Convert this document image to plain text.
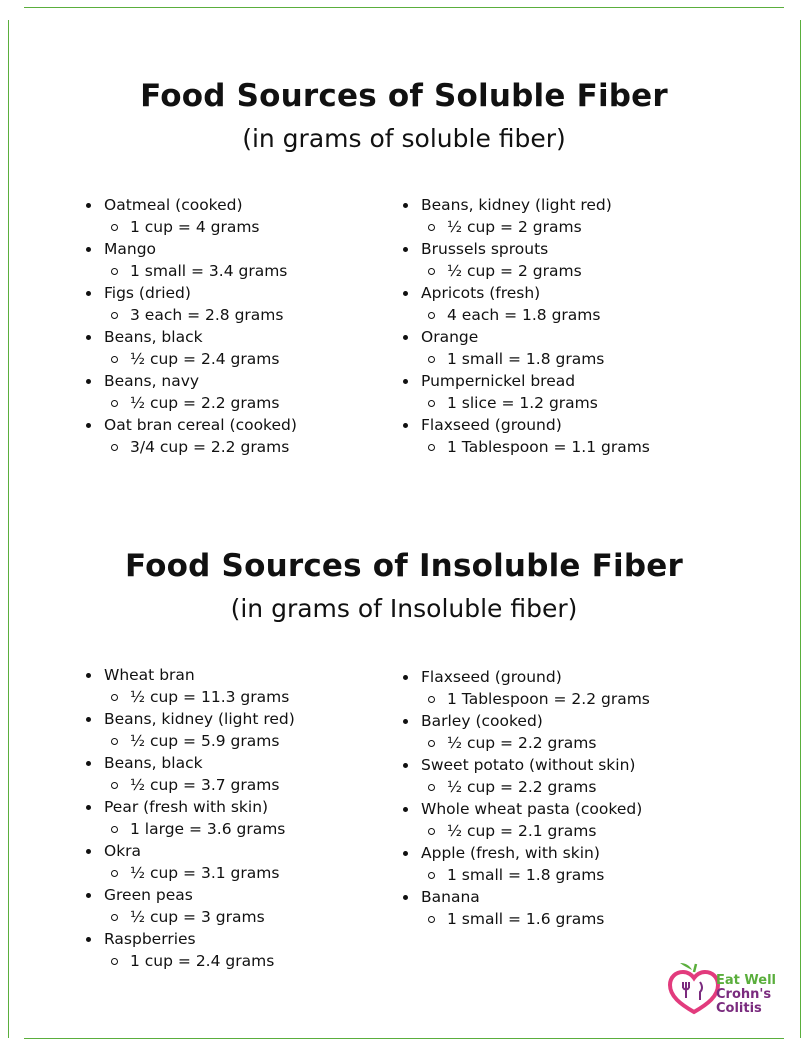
Food Sources of Soluble Fiber
(in grams of soluble fiber)
Oatmeal (cooked)
1 cup = 4 grams
Mango
1 small = 3.4 grams
Figs (dried)
3 each = 2.8 grams
Beans, black
½ cup = 2.4 grams
Beans, navy
½ cup = 2.2 grams
Oat bran cereal (cooked)
3/4 cup = 2.2 grams
Beans, kidney (light red)
½ cup = 2 grams
Brussels sprouts
½ cup = 2 grams
Apricots (fresh)
4 each = 1.8 grams
Orange
1 small = 1.8 grams
Pumpernickel bread
1 slice = 1.2 grams
Flaxseed (ground)
1 Tablespoon = 1.1 grams
Food Sources of Insoluble Fiber
(in grams of Insoluble fiber)
Wheat bran
½ cup = 11.3 grams
Beans, kidney (light red)
½ cup = 5.9 grams
Beans, black
½ cup = 3.7 grams
Pear (fresh with skin)
1 large = 3.6 grams
Okra
½ cup = 3.1 grams
Green peas
½ cup = 3 grams
Raspberries
1 cup = 2.4 grams
Flaxseed (ground)
1 Tablespoon = 2.2 grams
Barley (cooked)
½ cup = 2.2 grams
Sweet potato (without skin)
½ cup = 2.2 grams
Whole wheat pasta (cooked)
½ cup = 2.1 grams
Apple (fresh, with skin)
1 small = 1.8 grams
Banana
1 small = 1.6 grams
Eat Well
Crohn's
Colitis
